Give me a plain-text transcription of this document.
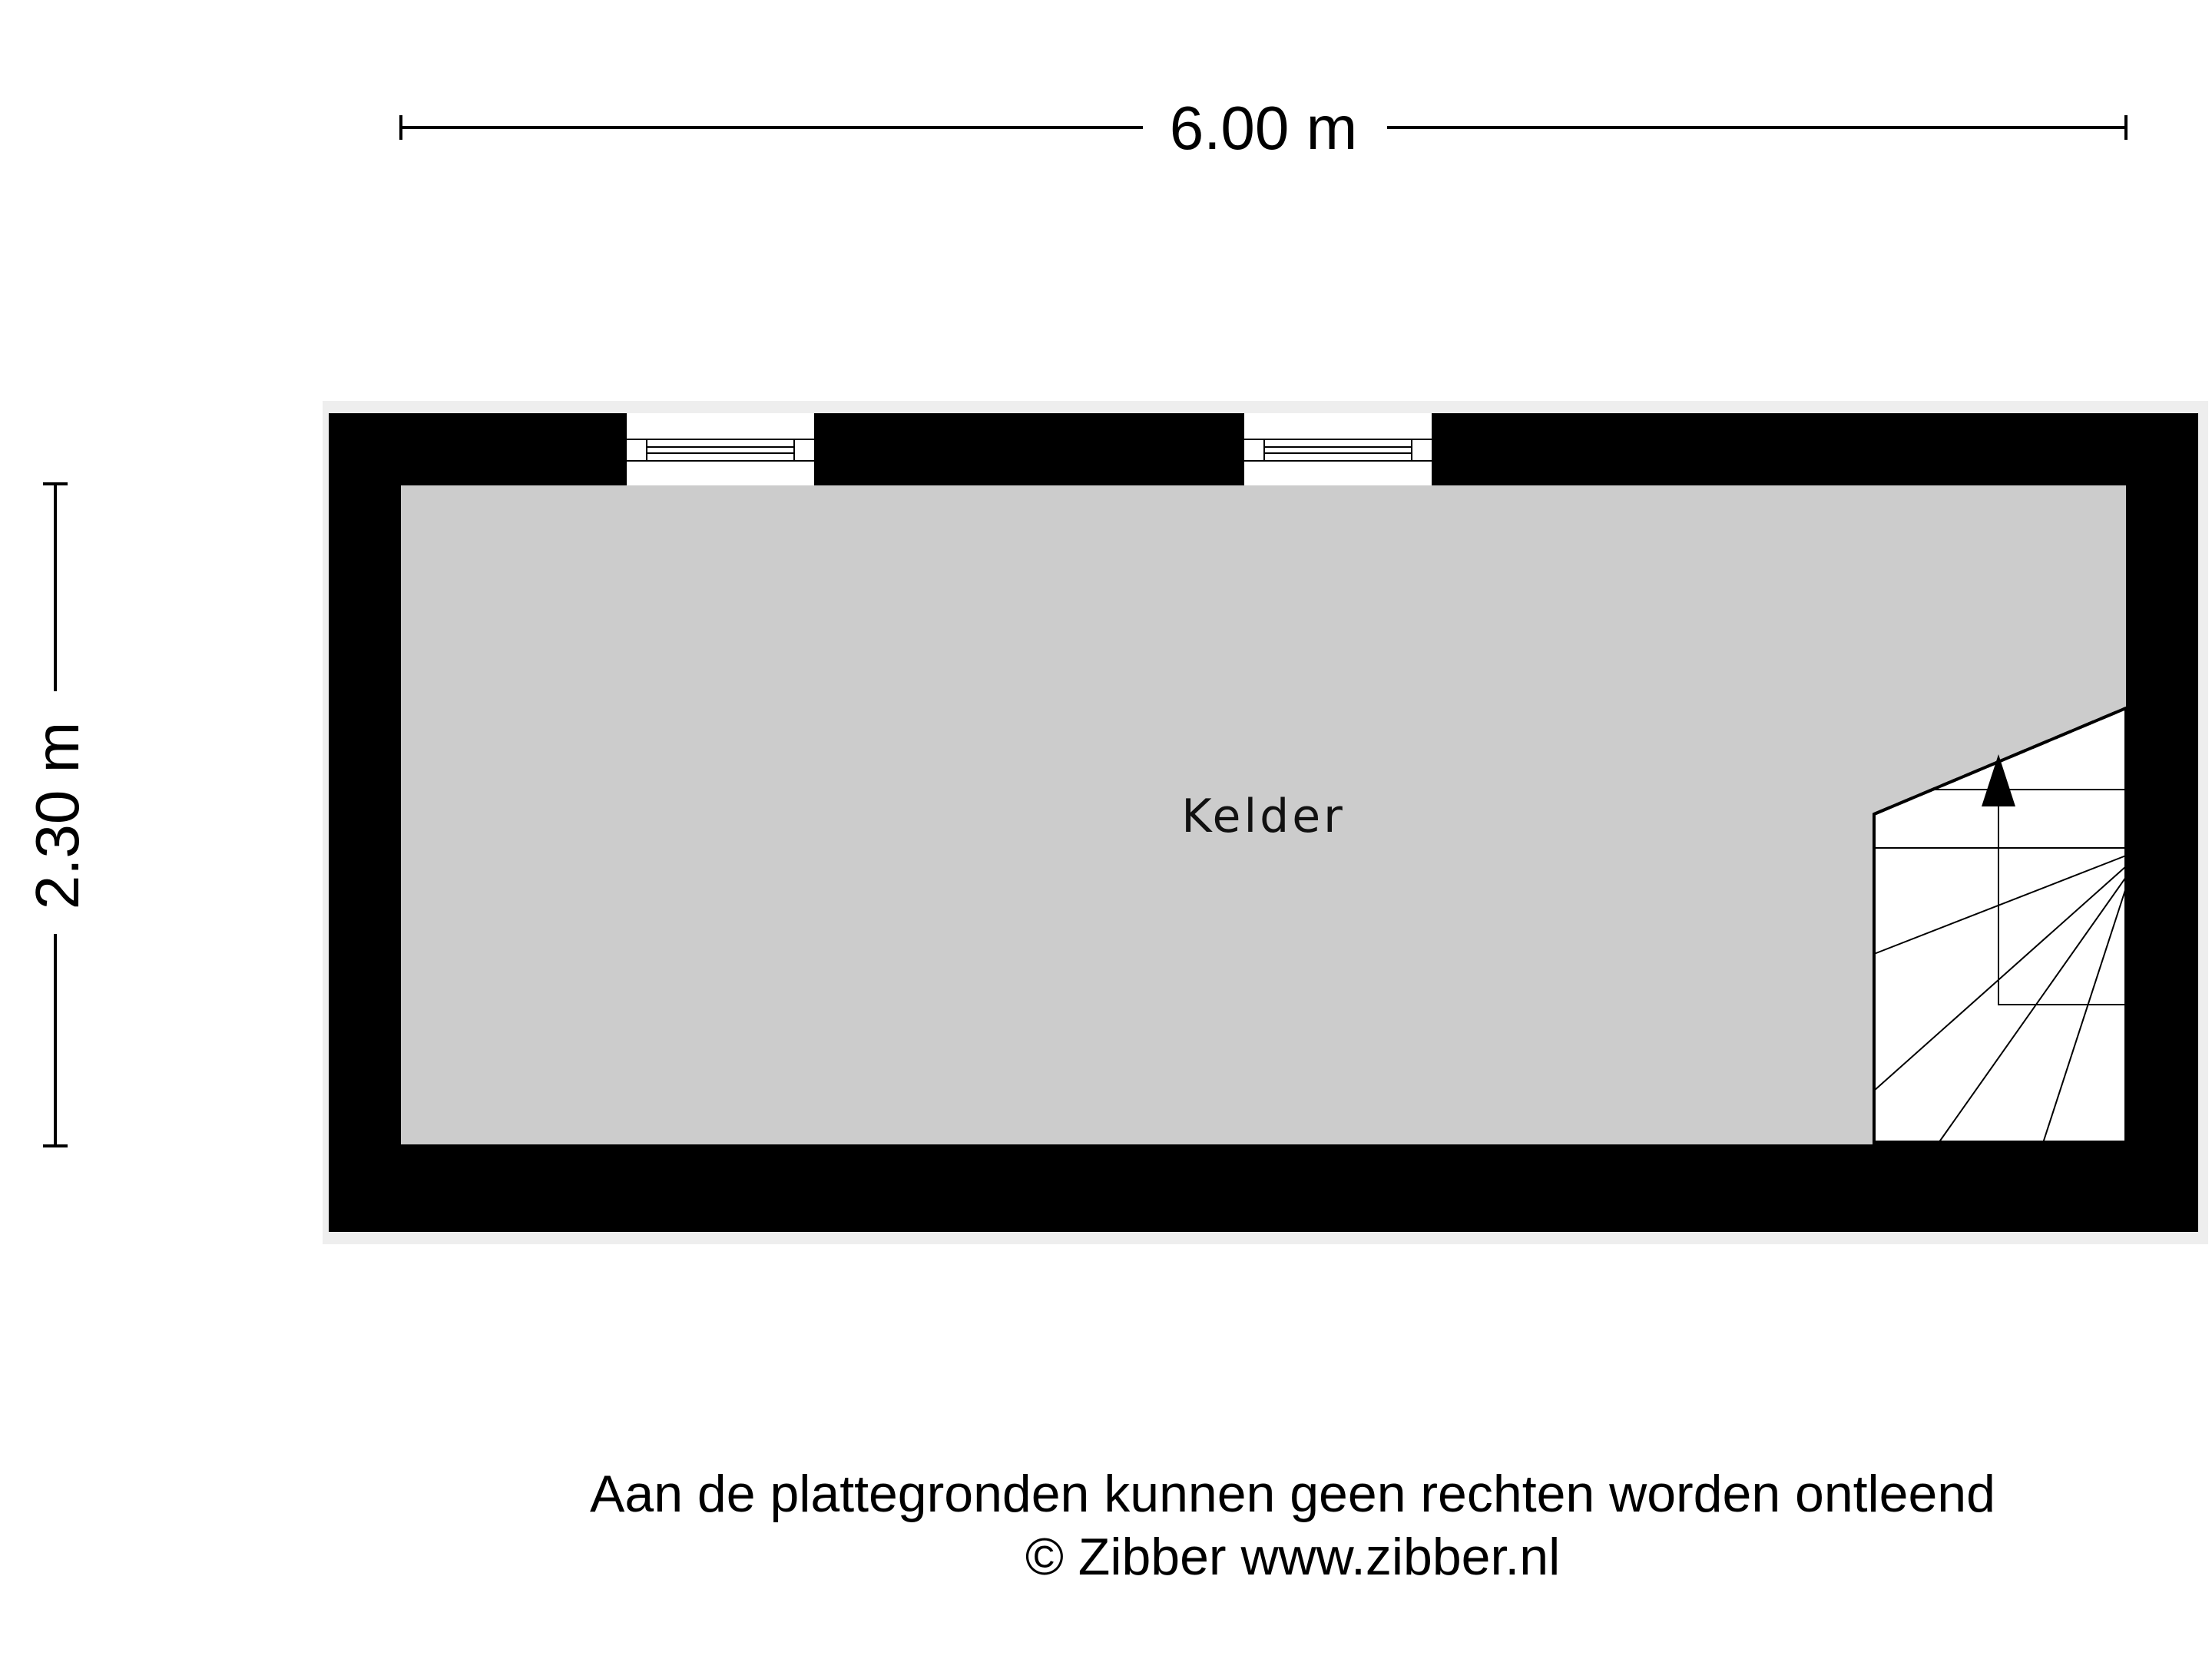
6.00 m
2.30 m	Kelder
Aan de plattegronden kunnen geen rechten worden ontleend
© Zibber www.zibber.nl
